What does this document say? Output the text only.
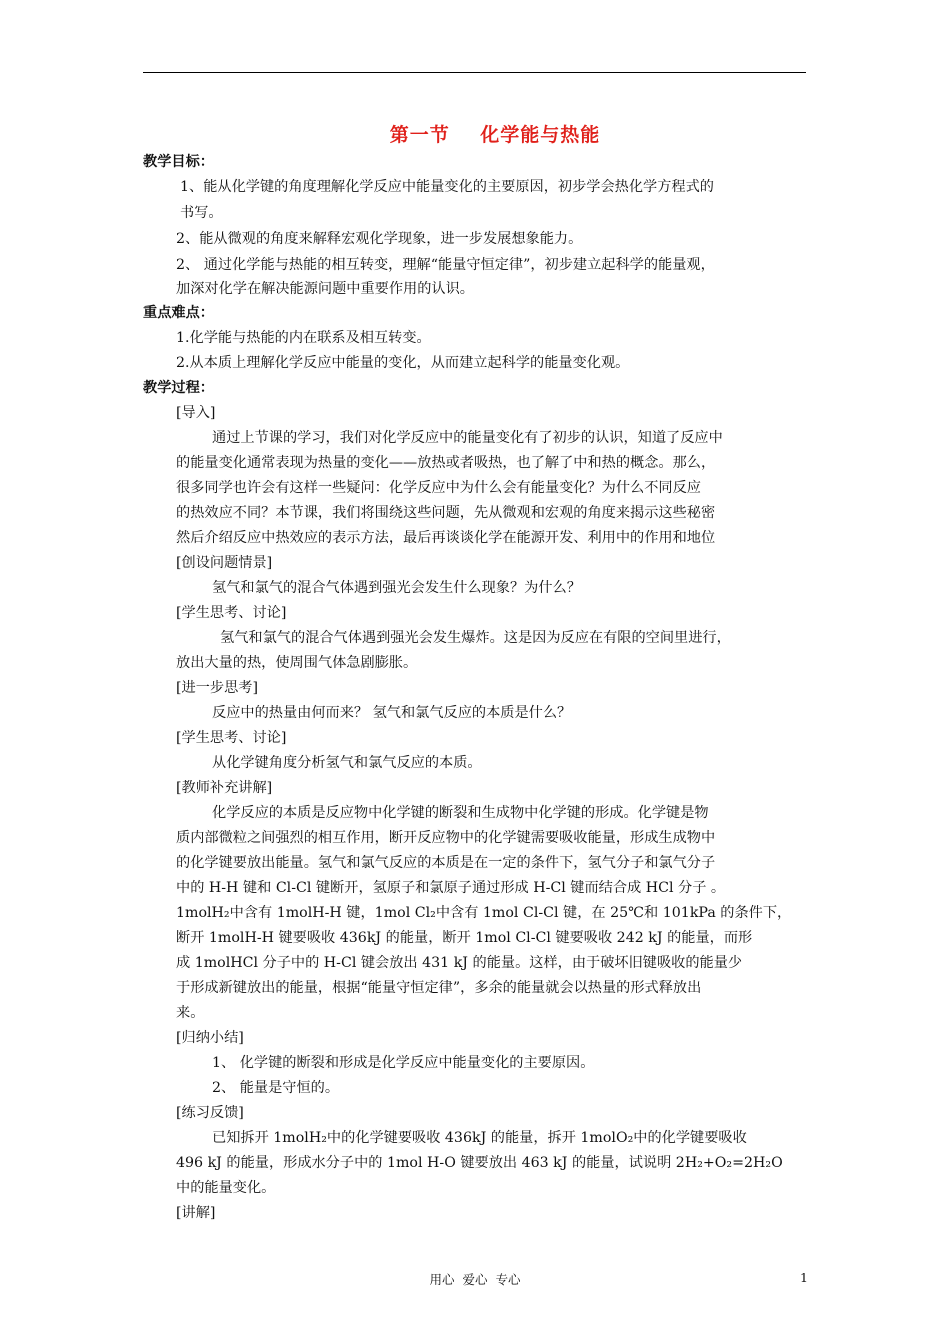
第一节    化学能与热能
教学目标：
1、能从化学键的角度理解化学反应中能量变化的主要原因，初步学会热化学方程式的
书写。
2、能从微观的角度来解释宏观化学现象，进一步发展想象能力。
2、 通过化学能与热能的相互转变，理解“能量守恒定律”，初步建立起科学的能量观，
加深对化学在解决能源问题中重要作用的认识。
重点难点：
1.化学能与热能的内在联系及相互转变。
2.从本质上理解化学反应中能量的变化，从而建立起科学的能量变化观。
教学过程：
[导入]
通过上节课的学习，我们对化学反应中的能量变化有了初步的认识，知道了反应中
的能量变化通常表现为热量的变化——放热或者吸热，也了解了中和热的概念。那么，
很多同学也许会有这样一些疑问：化学反应中为什么会有能量变化？为什么不同反应
的热效应不同？本节课，我们将围绕这些问题，先从微观和宏观的角度来揭示这些秘密
然后介绍反应中热效应的表示方法，最后再谈谈化学在能源开发、利用中的作用和地位
[创设问题情景]
氢气和氯气的混合气体遇到强光会发生什么现象？为什么？
[学生思考、讨论]
氢气和氯气的混合气体遇到强光会发生爆炸。这是因为反应在有限的空间里进行，
放出大量的热，使周围气体急剧膨胀。
[进一步思考]
反应中的热量由何而来？ 氢气和氯气反应的本质是什么？
[学生思考、讨论]
从化学键角度分析氢气和氯气反应的本质。
[教师补充讲解]
化学反应的本质是反应物中化学键的断裂和生成物中化学键的形成。化学键是物
质内部微粒之间强烈的相互作用，断开反应物中的化学键需要吸收能量，形成生成物中
的化学键要放出能量。氢气和氯气反应的本质是在一定的条件下，氢气分子和氯气分子
中的 H-H 键和 Cl-Cl 键断开，氢原子和氯原子通过形成 H-Cl 键而结合成 HCl 分子 。
1molH₂中含有 1molH-H 键，1mol Cl₂中含有 1mol Cl-Cl 键，在 25℃和 101kPa 的条件下，
断开 1molH-H 键要吸收 436kJ 的能量，断开 1mol Cl-Cl 键要吸收 242 kJ 的能量，而形
成 1molHCl 分子中的 H-Cl 键会放出 431 kJ 的能量。这样，由于破坏旧键吸收的能量少
于形成新键放出的能量，根据“能量守恒定律”，多余的能量就会以热量的形式释放出
来。
[归纳小结]
1、 化学键的断裂和形成是化学反应中能量变化的主要原因。
2、 能量是守恒的。
[练习反馈]
已知拆开 1molH₂中的化学键要吸收 436kJ 的能量，拆开 1molO₂中的化学键要吸收
496 kJ 的能量，形成水分子中的 1mol H-O 键要放出 463 kJ 的能量，试说明 2H₂+O₂=2H₂O
中的能量变化。
[讲解]
用心  爱心  专心	1
